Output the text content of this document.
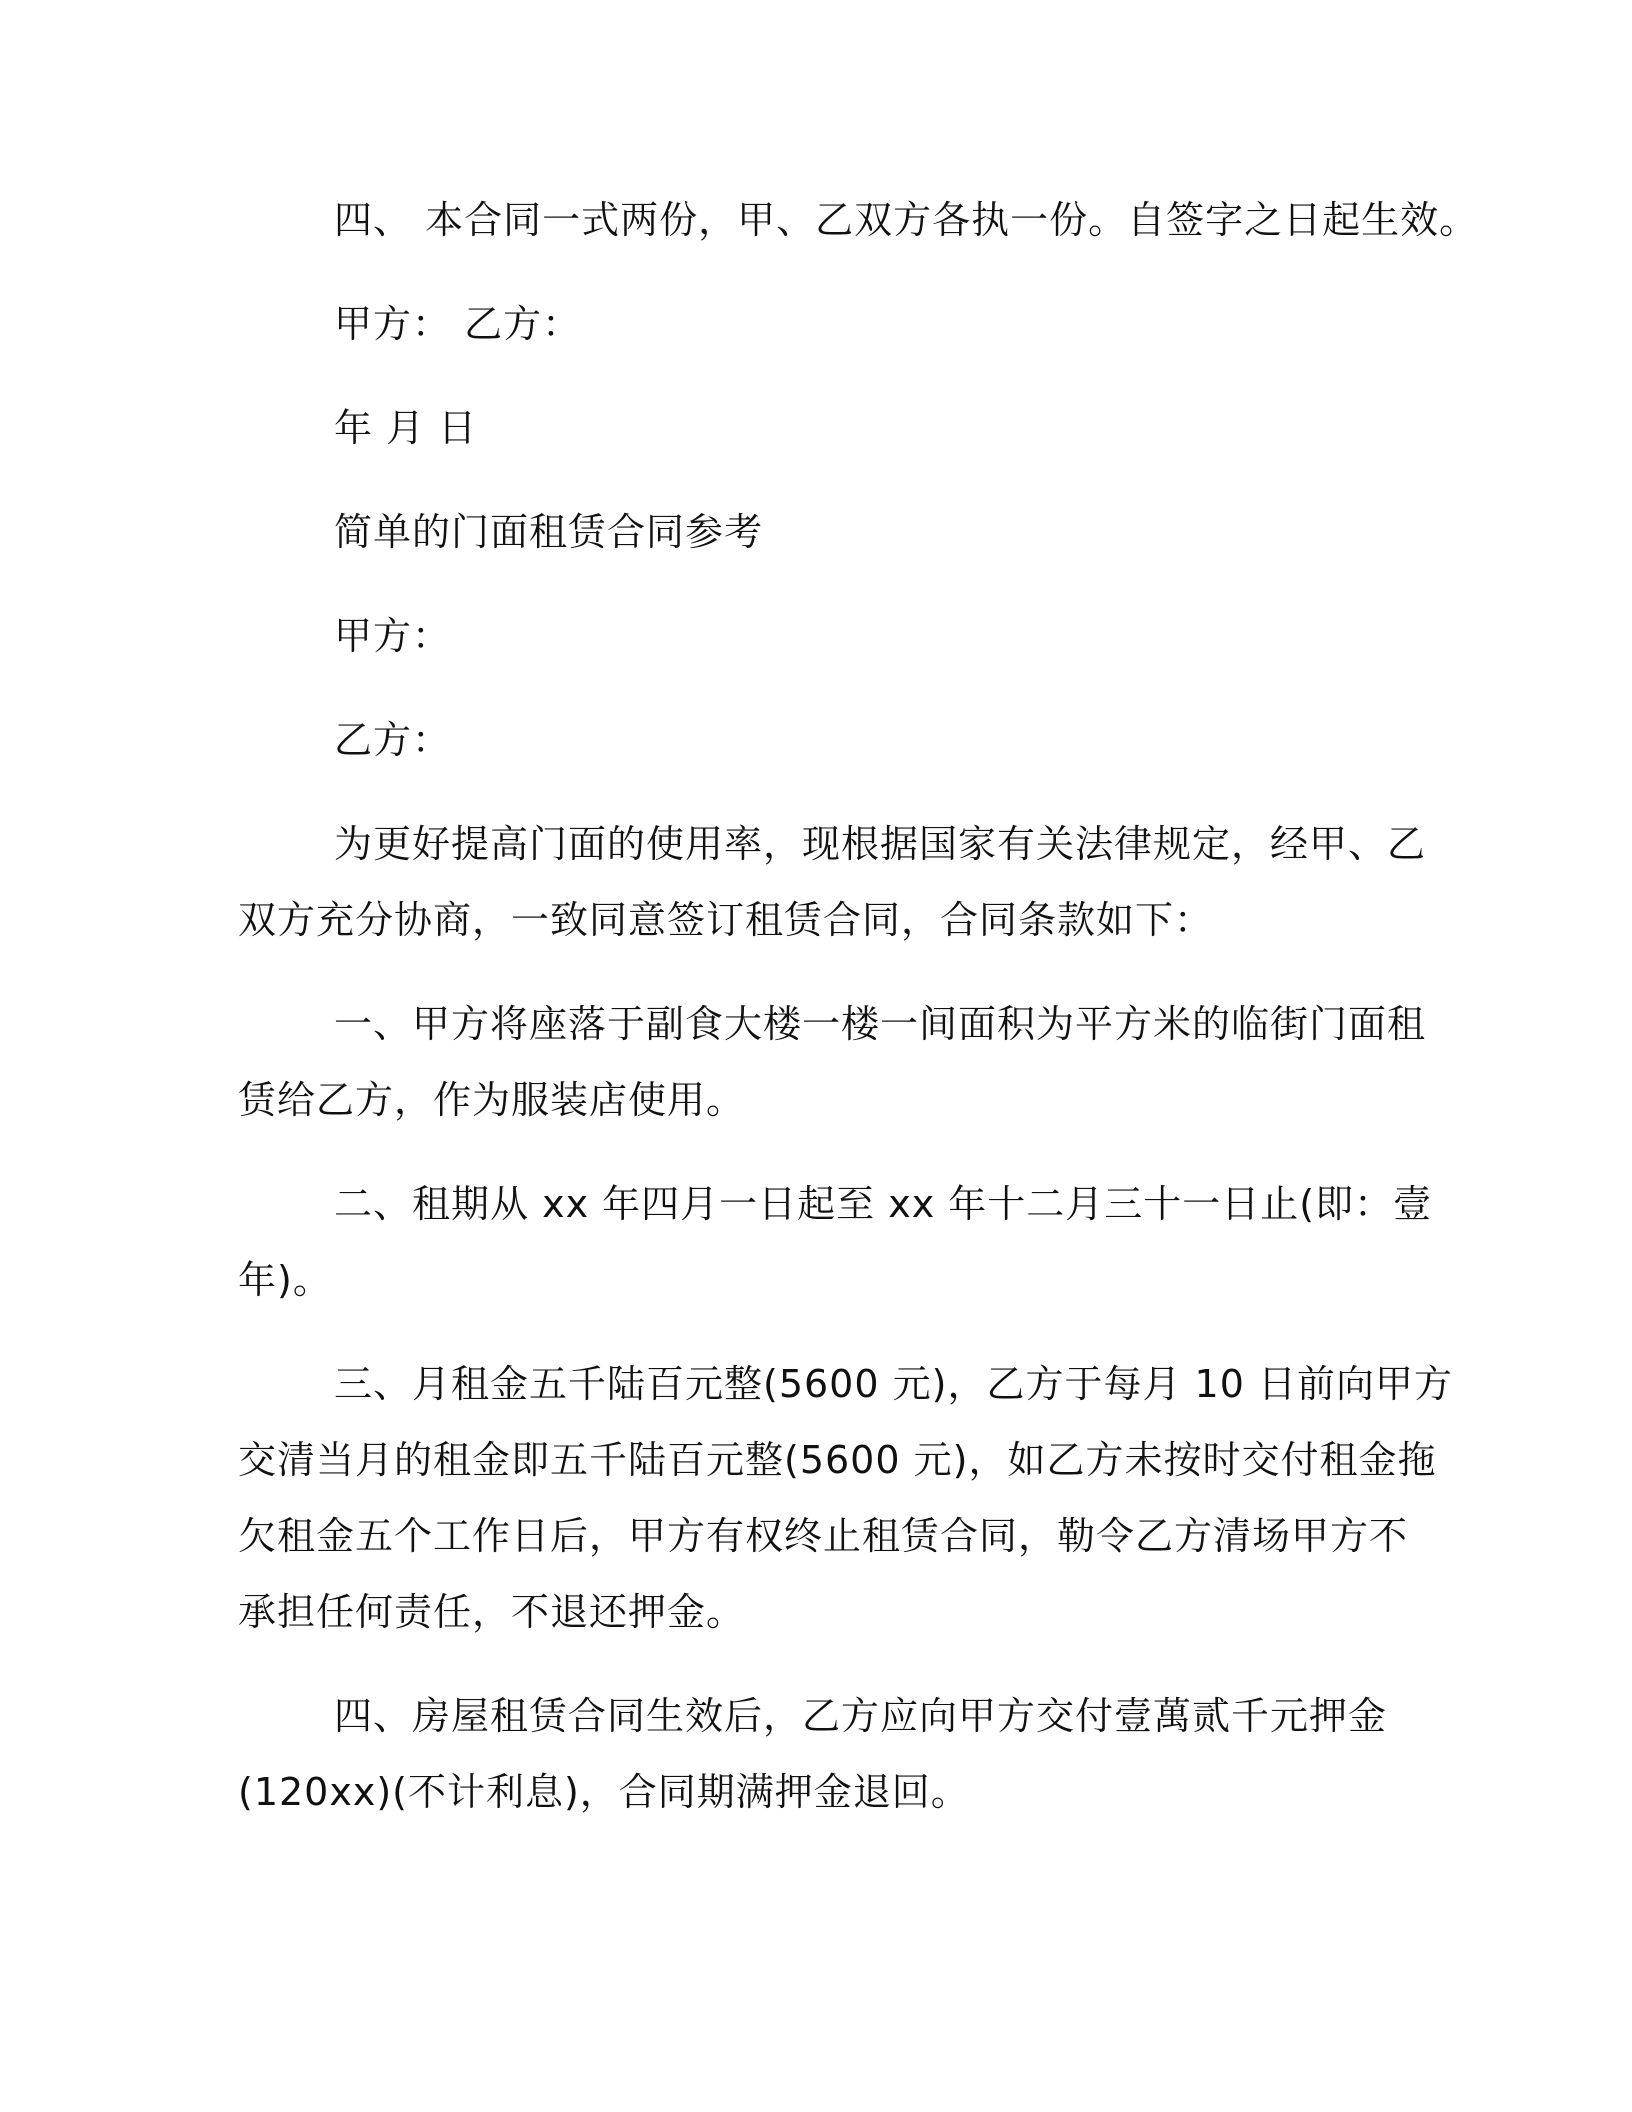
四、 本合同一式两份，甲、乙双方各执一份。自签字之日起生效。
甲方： 乙方：
年 月 日
简单的门面租赁合同参考
甲方：
乙方：
为更好提高门面的使用率，现根据国家有关法律规定，经甲、乙
双方充分协商，一致同意签订租赁合同，合同条款如下：
一、甲方将座落于副食大楼一楼一间面积为平方米的临街门面租
赁给乙方，作为服装店使用。
二、租期从 xx 年四月一日起至 xx 年十二月三十一日止(即：壹
年)。
三、月租金五千陆百元整(5600 元)，乙方于每月 10 日前向甲方
交清当月的租金即五千陆百元整(5600 元)，如乙方未按时交付租金拖
欠租金五个工作日后，甲方有权终止租赁合同，勒令乙方清场甲方不
承担任何责任，不退还押金。
四、房屋租赁合同生效后，乙方应向甲方交付壹萬贰千元押金
(120xx)(不计利息)，合同期满押金退回。
